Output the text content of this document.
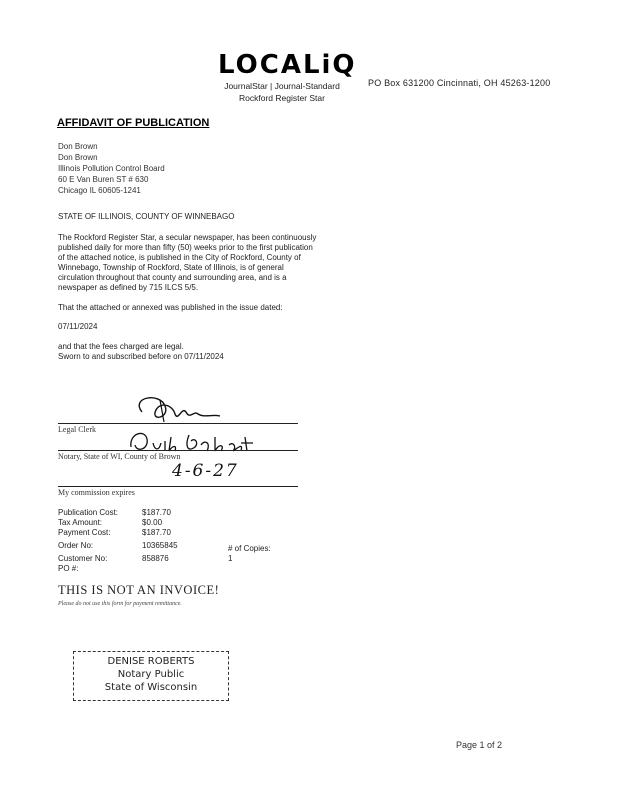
LOCALiQ
JournalStar | Journal-Standard
Rockford Register Star
PO Box 631200 Cincinnati, OH 45263-1200
AFFIDAVIT OF PUBLICATION
Don Brown
Don Brown
Illinois Pollution Control Board
60 E Van Buren ST # 630
Chicago IL 60605-1241
STATE OF ILLINOIS, COUNTY OF WINNEBAGO
The Rockford Register Star, a secular newspaper, has been continuously published daily for more than fifty (50) weeks prior to the first publication of the attached notice, is published in the City of Rockford, County of Winnebago, Township of Rockford, State of Illinois, is of general circulation throughout that county and surrounding area, and is a newspaper as defined by 715 ILCS 5/5.
That the attached or annexed was published in the issue dated:
07/11/2024
and that the fees charged are legal.
Sworn to and subscribed before on 07/11/2024
Legal Clerk
Notary, State of WI, County of Brown
4-6-27
My commission expires
Publication Cost:	$187.70	
Tax Amount:	$0.00	
Payment Cost:	$187.70	
Order No:	10365845	# of Copies:
Customer No:	858876	1
PO #:		
THIS IS NOT AN INVOICE!
Please do not use this form for payment remittance.
DENISE ROBERTS
Notary Public
State of Wisconsin
Page 1 of 2
